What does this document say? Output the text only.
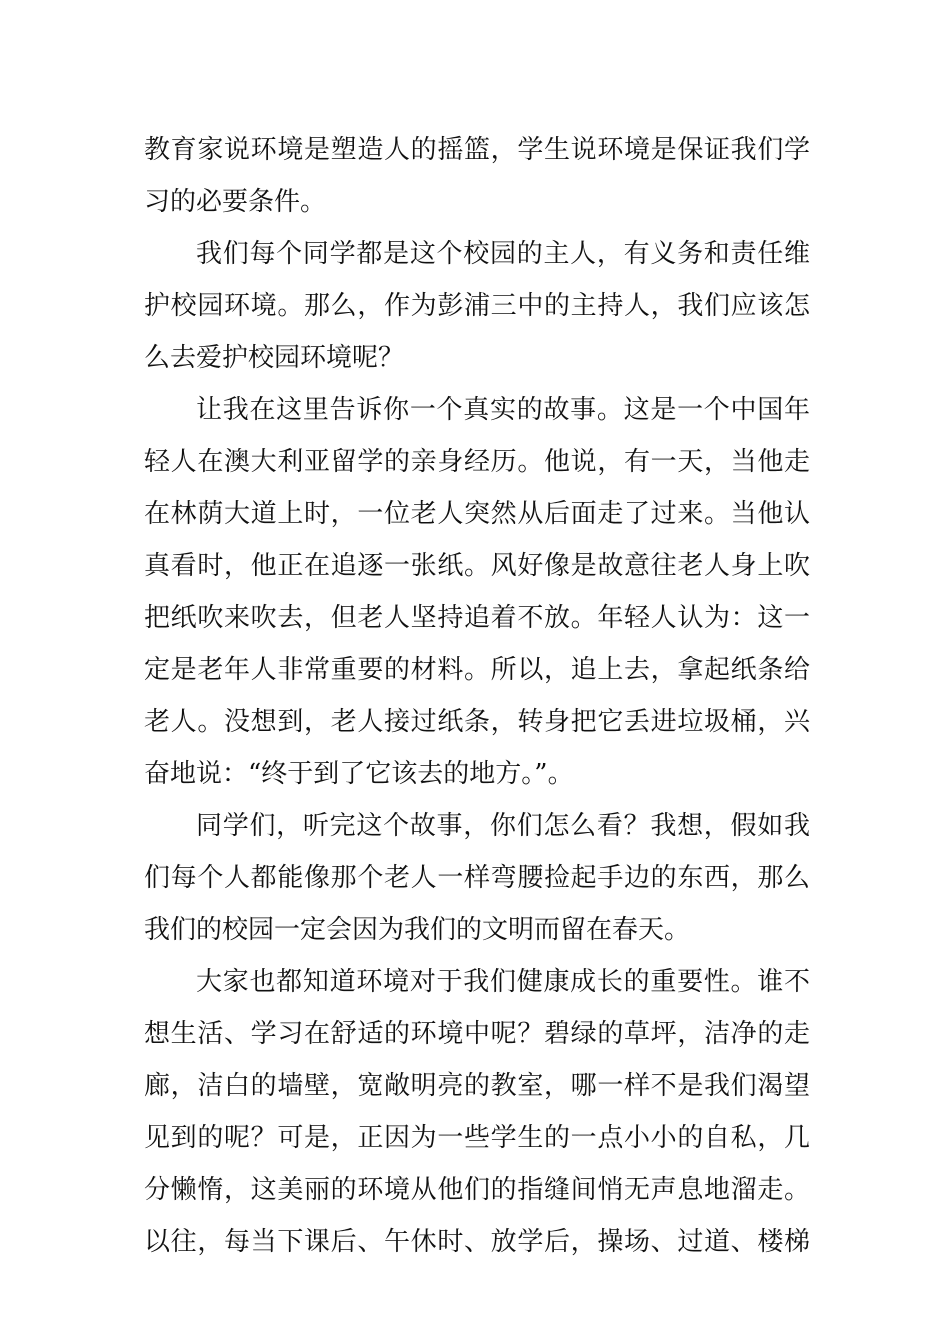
教育家说环境是塑造人的摇篮，学生说环境是保证我们学
习的必要条件。
我们每个同学都是这个校园的主人，有义务和责任维
护校园环境。那么，作为彭浦三中的主持人，我们应该怎
么去爱护校园环境呢？
让我在这里告诉你一个真实的故事。这是一个中国年
轻人在澳大利亚留学的亲身经历。他说，有一天，当他走
在林荫大道上时，一位老人突然从后面走了过来。当他认
真看时，他正在追逐一张纸。风好像是故意往老人身上吹
把纸吹来吹去，但老人坚持追着不放。年轻人认为：这一
定是老年人非常重要的材料。所以，追上去，拿起纸条给
老人。没想到，老人接过纸条，转身把它丢进垃圾桶，兴
奋地说：“终于到了它该去的地方。”。
同学们，听完这个故事，你们怎么看？我想，假如我
们每个人都能像那个老人一样弯腰捡起手边的东西，那么
我们的校园一定会因为我们的文明而留在春天。
大家也都知道环境对于我们健康成长的重要性。谁不
想生活、学习在舒适的环境中呢？碧绿的草坪，洁净的走
廊，洁白的墙壁，宽敞明亮的教室，哪一样不是我们渴望
见到的呢？可是，正因为一些学生的一点小小的自私，几
分懒惰，这美丽的环境从他们的指缝间悄无声息地溜走。
以往，每当下课后、午休时、放学后，操场、过道、楼梯
